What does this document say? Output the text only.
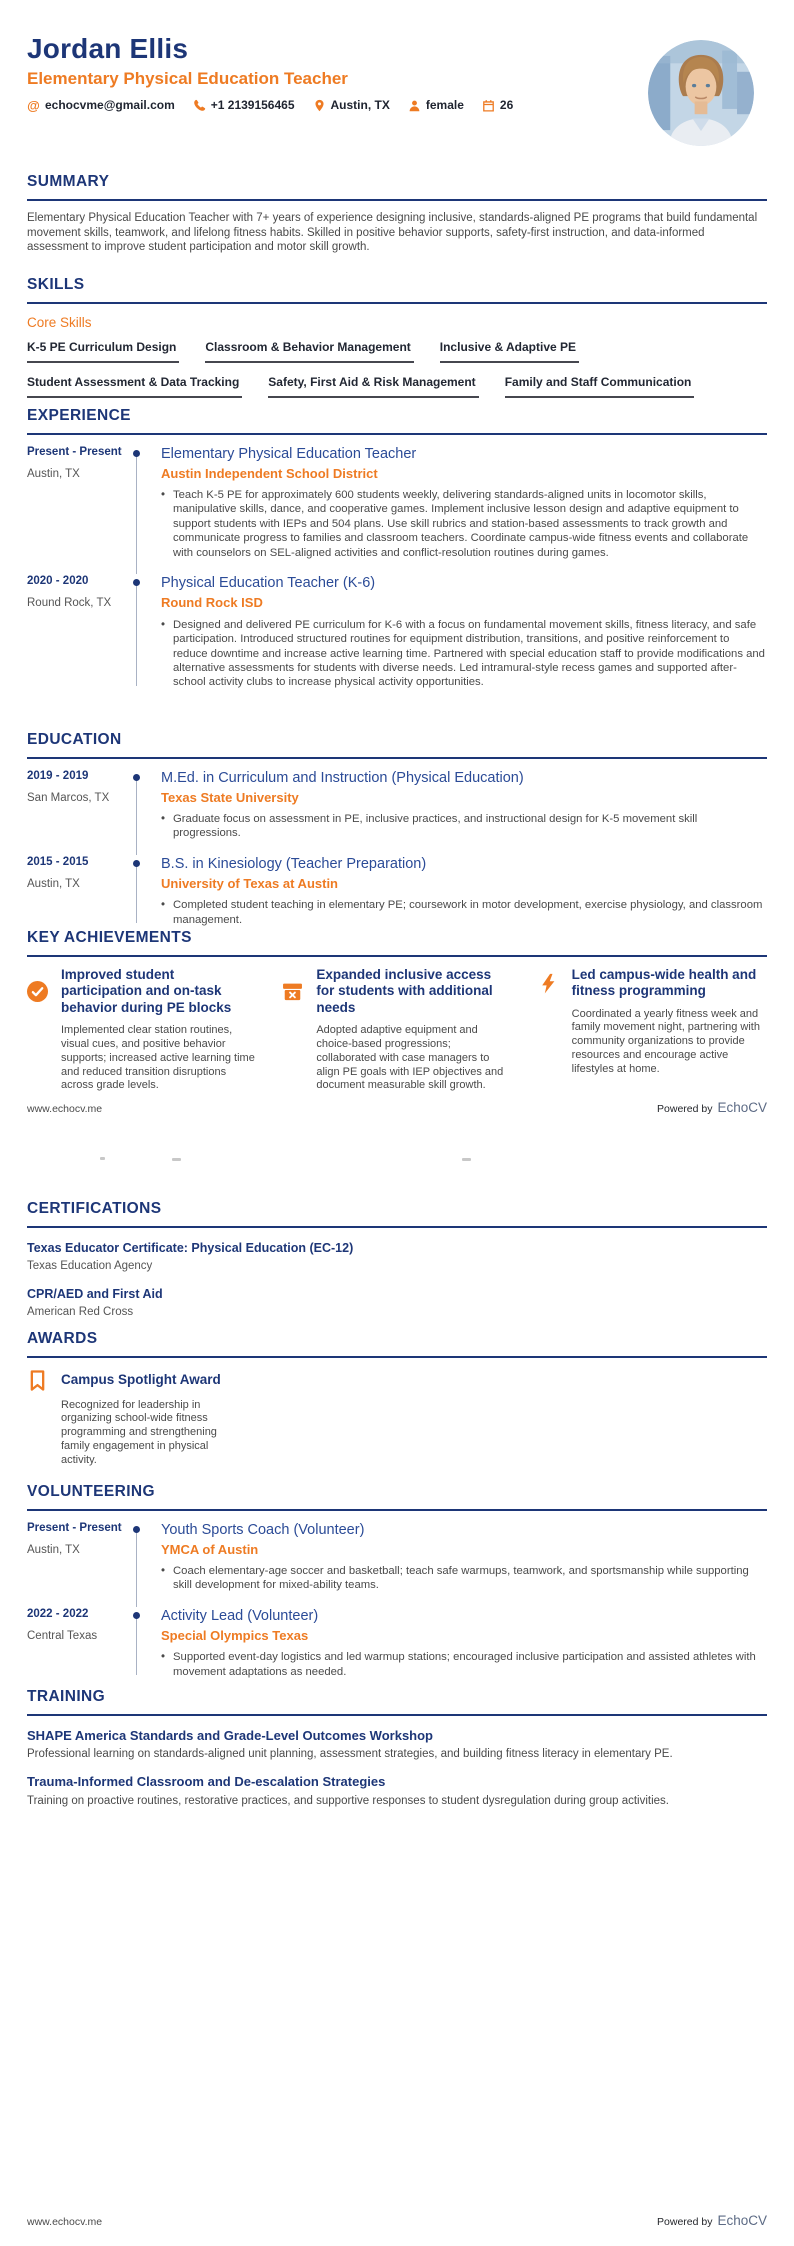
Jordan Ellis
Elementary Physical Education Teacher
@ echocvme@gmail.com	+1 2139156465	Austin, TX	female	26
SUMMARY

Elementary Physical Education Teacher with 7+ years of experience designing inclusive, standards-aligned PE programs that build fundamental movement skills, teamwork, and lifelong fitness habits. Skilled in positive behavior supports, safety-first instruction, and data-informed assessment to improve student participation and motor skill growth.

SKILLS
Core Skills
K-5 PE Curriculum Design Classroom & Behavior Management Inclusive & Adaptive PE
Student Assessment & Data Tracking Safety, First Aid & Risk Management Family and Staff Communication
EXPERIENCE
Present - Present
Austin, TX
Elementary Physical Education Teacher
Austin Independent School District

• Teach K-5 PE for approximately 600 students weekly, delivering standards-aligned units in locomotor skills, manipulative skills, dance, and cooperative games. Implement inclusive lesson design and adaptive equipment to support students with IEPs and 504 plans. Use skill rubrics and station-based assessments to track growth and communicate progress to families and classroom teachers. Coordinate campus-wide fitness events and collaborate with counselors on SEL-aligned activities and conflict-resolution routines during games.

2020 - 2020
Round Rock, TX
Physical Education Teacher (K-6)
Round Rock ISD

• Designed and delivered PE curriculum for K-6 with a focus on fundamental movement skills, fitness literacy, and safe participation. Introduced structured routines for equipment distribution, transitions, and positive reinforcement to reduce downtime and increase active learning time. Partnered with special education staff to provide modifications and alternative assessments for students with diverse needs. Led intramural-style recess games and supported after-school activity clubs to increase physical activity opportunities.

EDUCATION
2019 - 2019
San Marcos, TX
M.Ed. in Curriculum and Instruction (Physical Education)
Texas State University

• Graduate focus on assessment in PE, inclusive practices, and instructional design for K-5 movement skill progressions.

2015 - 2015
Austin, TX
B.S. in Kinesiology (Teacher Preparation)
University of Texas at Austin

• Completed student teaching in elementary PE; coursework in motor development, exercise physiology, and classroom management.

KEY ACHIEVEMENTS
Improved student participation and on-task behavior during PE blocks

Implemented clear station routines, visual cues, and positive behavior supports; increased active learning time and reduced transition disruptions across grade levels.

Expanded inclusive access for students with additional needs

Adopted adaptive equipment and choice-based progressions; collaborated with case managers to align PE goals with IEP objectives and document measurable skill growth.

Led campus-wide health and fitness programming

Coordinated a yearly fitness week and family movement night, partnering with community organizations to provide resources and encourage active lifestyles at home.

www.echocv.me	Powered by EchoCV
CERTIFICATIONS
Texas Educator Certificate: Physical Education (EC-12)
Texas Education Agency
CPR/AED and First Aid
American Red Cross
AWARDS
Campus Spotlight Award

Recognized for leadership in organizing school-wide fitness programming and strengthening family engagement in physical activity.

VOLUNTEERING
Present - Present
Austin, TX
Youth Sports Coach (Volunteer)
YMCA of Austin

• Coach elementary-age soccer and basketball; teach safe warmups, teamwork, and sportsmanship while supporting skill development for mixed-ability teams.

2022 - 2022
Central Texas
Activity Lead (Volunteer)
Special Olympics Texas

• Supported event-day logistics and led warmup stations; encouraged inclusive participation and assisted athletes with movement adaptations as needed.

TRAINING
SHAPE America Standards and Grade-Level Outcomes Workshop
Professional learning on standards-aligned unit planning, assessment strategies, and building fitness literacy in elementary PE.
Trauma-Informed Classroom and De-escalation Strategies
Training on proactive routines, restorative practices, and supportive responses to student dysregulation during group activities.
www.echocv.me	Powered by EchoCV
